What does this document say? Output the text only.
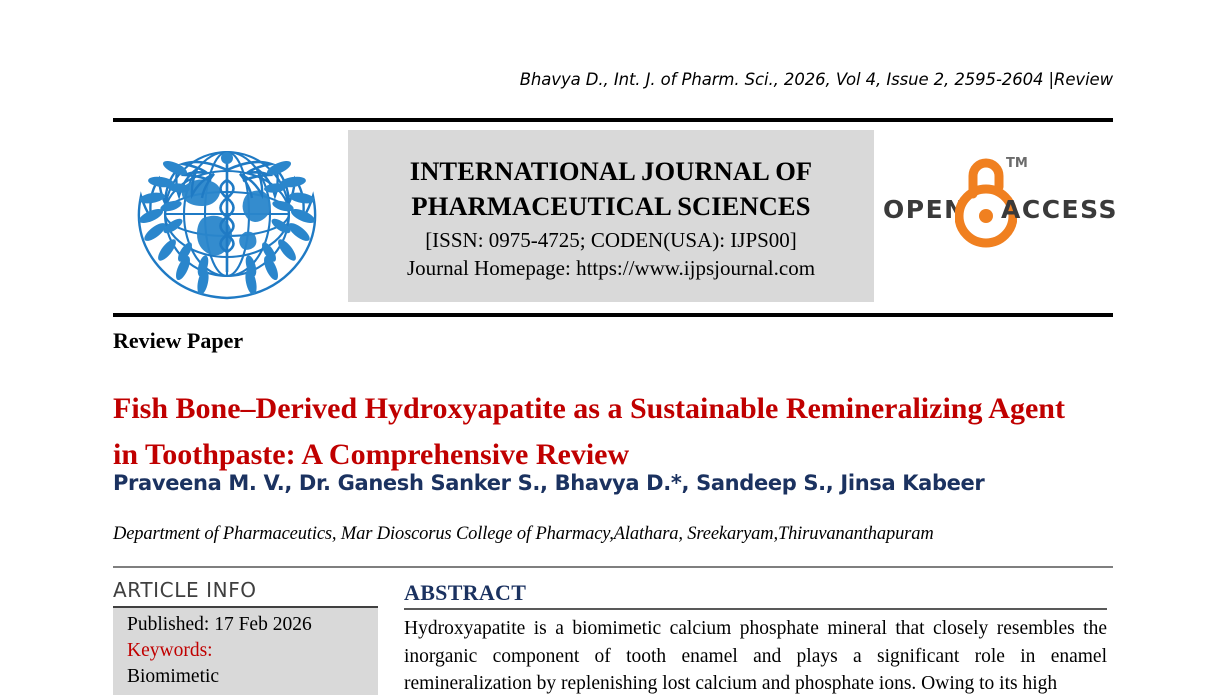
Bhavya D., Int. J. of Pharm. Sci., 2026, Vol 4, Issue 2, 2595-2604 |Review
INTERNATIONAL JOURNAL OF
PHARMACEUTICAL SCIENCES
[ISSN: 0975-4725; CODEN(USA): IJPS00]
Journal Homepage: https://www.ijpsjournal.com
OPEN
TM
ACCESS
Review Paper
Fish Bone–Derived Hydroxyapatite as a Sustainable Remineralizing Agent in Toothpaste: A Comprehensive Review
Praveena M. V., Dr. Ganesh Sanker S., Bhavya D.*, Sandeep S., Jinsa Kabeer
Department of Pharmaceutics, Mar Dioscorus College of Pharmacy,Alathara, Sreekaryam,Thiruvananthapuram
ARTICLE INFO
Published: 17 Feb 2026
Keywords:
Biomimetic
ABSTRACT
Hydroxyapatite is a biomimetic calcium phosphate mineral that closely resembles the inorganic component of tooth enamel and plays a significant role in enamel remineralization by replenishing lost calcium and phosphate ions. Owing to its high
